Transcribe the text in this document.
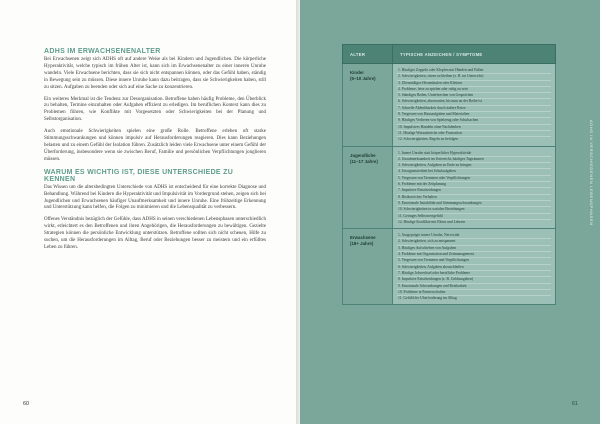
ADHS IM ERWACHSENENALTER

Bei Erwachsenen zeigt sich ADHS oft auf andere Weise als bei Kindern und Jugendlichen. Die körperliche Hyperaktivität, welche typisch im frühen Alter ist, kann sich im Erwachsenenalter zu einer inneren Unruhe wandeln. Viele Erwachsene berichten, dass sie sich nicht entspannen können, oder das Gefühl haben, ständig in Bewegung sein zu müssen. Diese innere Unruhe kann dazu beitragen, dass sie Schwierigkeiten haben, still zu sitzen. Aufgaben zu beenden oder sich auf eine Sache zu konzentrieren.

Ein weiteres Merkmal ist die Tendenz zur Desorganisation. Betroffene haben häufig Probleme, den Überblick zu behalten, Termine einzuhalten oder Aufgaben effizient zu erledigen. Im beruflichen Kontext kann dies zu Problemen führen, wie Konflikte mit Vorgesetzten oder Schwierigkeiten bei der Planung und Selbstorganisation.

Auch emotionale Schwierigkeiten spielen eine große Rolle. Betroffene erleben oft starke Stimmungsschwankungen und können impulsiv auf Herausforderungen reagieren. Dies kann Beziehungen belasten und zu einem Gefühl der Isolation führen. Zusätzlich leiden viele Erwachsene unter einem Gefühl der Überforderung, insbesondere wenn sie zwischen Beruf, Familie und persönlichen Verpflichtungen jonglieren müssen.

WARUM ES WICHTIG IST, DIESE UNTERSCHIEDE ZU KENNEN

Das Wissen um die altersbedingten Unterschiede von ADHS ist entscheidend für eine korrekte Diagnose und Behandlung. Während bei Kindern die Hyperaktivität und Impulsivität im Vordergrund stehen, zeigen sich bei Jugendlichen und Erwachsenen häufiger Unaufmerksamkeit und innere Unruhe. Eine frühzeitige Erkennung und Unterstützung kann helfen, die Folgen zu minimieren und die Lebensqualität zu verbessern.

Offenes Verständnis bezüglich der Gefühle, dass ADHS in seinen verschiedenen Lebensphasen unterschiedlich wirkt, erleichtert es den Betroffenen und ihren Angehörigen, die Herausforderungen zu bewältigen. Gezielte Strategien können die persönliche Entwicklung unterstützen. Betroffene sollten sich nicht scheuen, Hilfe zu suchen, um die Herausforderungen im Alltag, Beruf oder Beziehungen besser zu meistern und ein erfülltes Leben zu führen.

60
ALTER	TYPISCHE ANZEICHEN / SYMPTOME
Kinder
(5–10 Jahre)
1. Häufiges Zappeln oder Klopfen mit Händen und Füßen
2. Schwierigkeiten, sitzen zu bleiben (z. B. im Unterricht)
3. Übermäßiges Herumlaufen oder Klettern
4. Probleme, leise zu spielen oder ruhig zu sein
5. Ständiges Reden, Unterbrechen von Gesprächen
6. Schwierigkeiten, abzuwarten, bis man an der Reihe ist
7. Schnelle Ablenkbarkeit durch äußere Reize
8. Vergessen von Hausaufgaben und Materialien
9. Häufiges Verlieren von Spielzeug oder Schulsachen
10. Impulsives Handeln ohne Nachdenken
11. Häufige Wutausbrüche oder Frustration
12. Schwierigkeiten, Regeln zu befolgen
Jugendliche
(11–17 Jahre)
1. Innere Unruhe statt körperlicher Hyperaktivität
2. Unaufmerksamkeit im Unterricht, häufiges Tagträumen
3. Schwierigkeiten, Aufgaben zu Ende zu bringen
4. Unorganisiertheit bei Schulaufgaben
5. Vergessen von Terminen oder Verpflichtungen
6. Probleme mit der Zeitplanung
7. Impulsive Entscheidungen
8. Risikoreiches Verhalten
9. Emotionale Instabilität und Stimmungsschwankungen
10. Schwierigkeiten in sozialen Beziehungen
11. Geringes Selbstwertgefühl
12. Häufige Konflikte mit Eltern und Lehrern
Erwachsene
(18+ Jahre)
1. Ausgeprägte innere Unruhe, Nervosität
2. Schwierigkeiten, sich zu entspannen
3. Häufiges Aufschieben von Aufgaben
4. Probleme mit Organisation und Zeitmanagement
5. Vergessen von Terminen und Verpflichtungen
6. Schwierigkeiten, Aufgaben abzuschließen
7. Häufige Jobwechsel oder berufliche Probleme
8. Impulsive Entscheidungen (z. B. Geldausgaben)
9. Emotionale Schwankungen und Reizbarkeit
10. Probleme in Partnerschaften
11. Gefühl der Überforderung im Alltag
ADHS IN VERSCHIEDENEN LEBENSPHASEN
61
